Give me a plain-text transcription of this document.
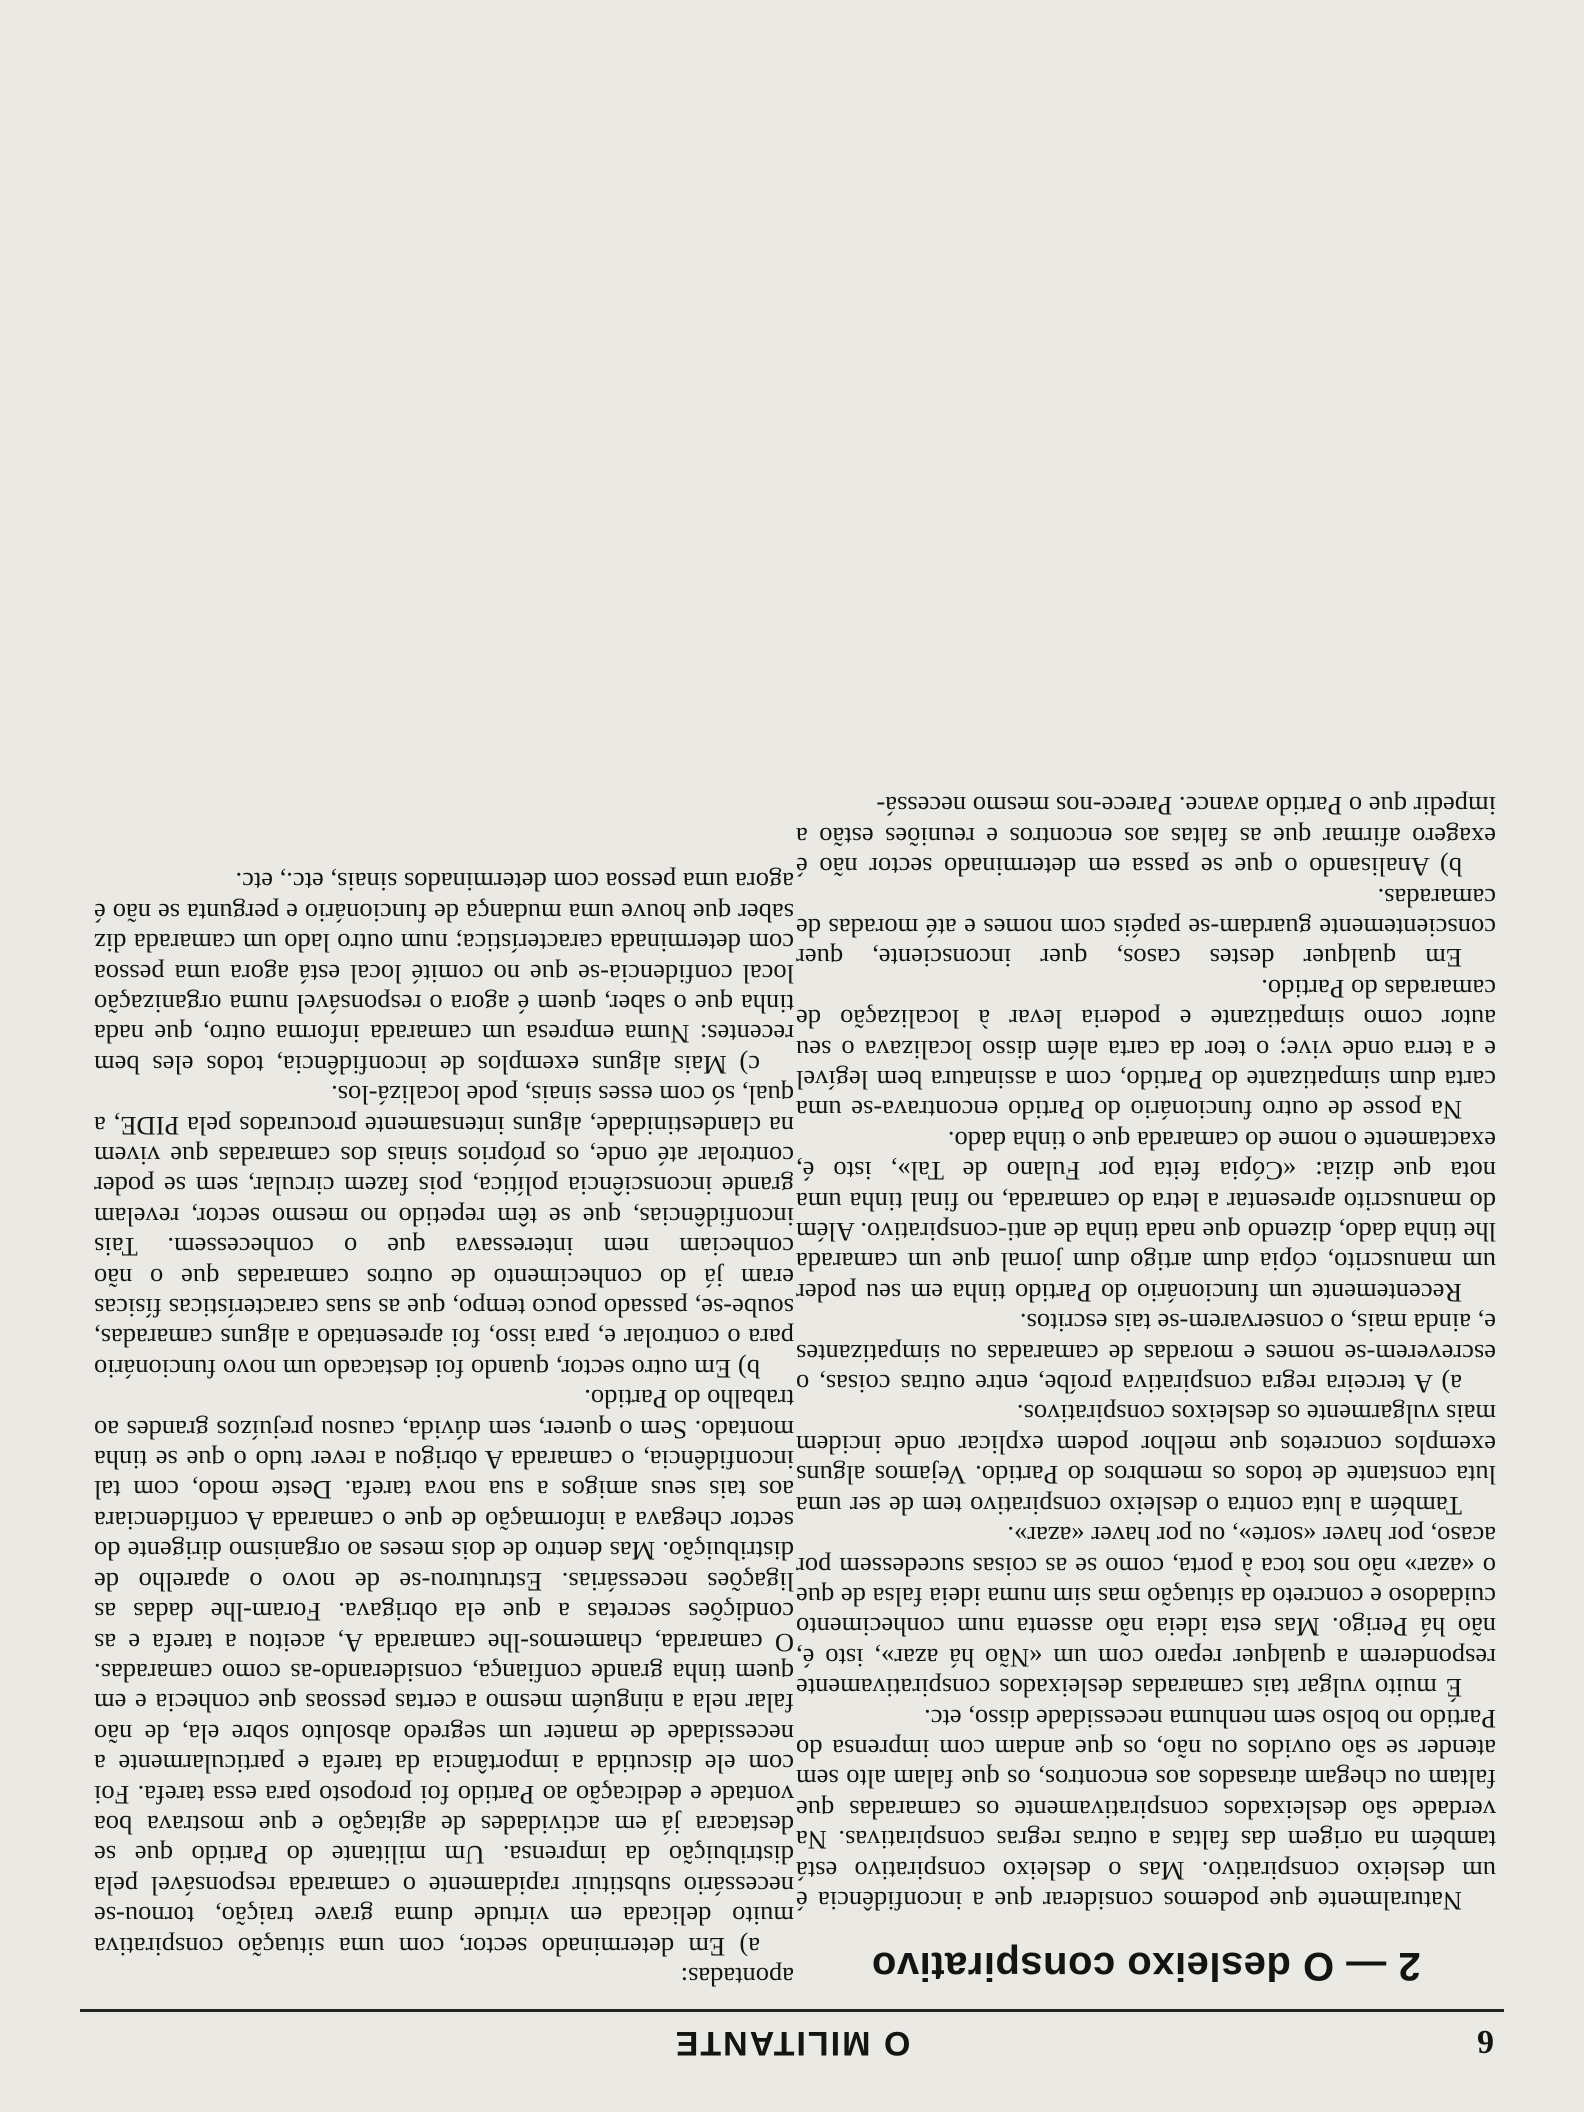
6
O MILITANTE
2 — O desleixo conspirativo

Naturalmente que podemos considerar que a inconfidência é um desleixo conspirativo. Mas o desleixo conspirativo está também na origem das faltas a outras regras conspirativas. Na verdade são desleixados conspirativamente os camaradas que faltam ou chegam atrasados aos encontros, os que falam alto sem atender se são ouvidos ou não, os que andam com imprensa do Partido no bolso sem nenhuma necessidade disso, etc.

É muito vulgar tais camaradas desleixados conspirativamente responderem a qualquer reparo com um «Não há azar», isto é, não há Perigo. Mas esta ideia não assenta num conhecimento cuidadoso e concreto da situação mas sim numa ideia falsa de que o «azar» não nos toca à porta, como se as coisas sucedessem por acaso, por haver «sorte», ou por haver «azar».

Também a luta contra o desleixo conspirativo tem de ser uma luta constante de todos os membros do Partido. Vejamos alguns exemplos concretos que melhor podem explicar onde incidem mais vulgarmente os desleixos conspirativos.

a) A terceira regra conspirativa proíbe, entre outras coisas, o escreverem-se nomes e moradas de camaradas ou simpatizantes e, ainda mais, o conservarem-se tais escritos.

Recentemente um funcionário do Partido tinha em seu poder um manuscrito, cópia dum artigo dum jornal que um camarada lhe tinha dado, dizendo que nada tinha de anti-conspirativo. Além do manuscrito apresentar a letra do camarada, no final tinha uma nota que dizia: «Cópia feita por Fulano de Tal», isto é, exactamente o nome do camarada que o tinha dado.

Na posse de outro funcionário do Partido encontrava-se uma carta dum simpatizante do Partido, com a assinatura bem legível e a terra onde vive; o teor da carta além disso localizava o seu autor como simpatizante e poderia levar à localização de camaradas do Partido.

Em qualquer destes casos, quer inconsciente, quer conscientemente guardam-se papéis com nomes e até moradas de camaradas.

b) Analisando o que se passa em determinado sector não é exagero afirmar que as faltas aos encontros e reuniões estão a impedir que o Partido avance. Parece-nos mesmo necessá-

apontadas:

a) Em determinado sector, com uma situação conspirativa muito delicada em virtude duma grave traição, tornou-se necessário substituir rapidamente o camarada responsável pela distribuição da imprensa. Um militante do Partido que se destacara já em actividades de agitação e que mostrava boa vontade e dedicação ao Partido foi proposto para essa tarefa. Foi com ele discutida a importância da tarefa e particularmente a necessidade de manter um segredo absoluto sobre ela, de não falar nela a ninguém mesmo a certas pessoas que conhecia e em quem tinha grande confiança, considerando-as como camaradas. O camarada, chamemos-lhe camarada A, aceitou a tarefa e as condições secretas a que ela obrigava. Foram-lhe dadas as ligações necessárias. Estruturou-se de novo o aparelho de distribuição. Mas dentro de dois meses ao organismo dirigente do sector chegava a informação de que o camarada A confidenciara aos tais seus amigos a sua nova tarefa. Deste modo, com tal inconfidência, o camarada A obrigou a rever tudo o que se tinha montado. Sem o querer, sem dúvida, causou prejuízos grandes ao trabalho do Partido.

b) Em outro sector, quando foi destacado um novo funcionário para o controlar e, para isso, foi apresentado a alguns camaradas, soube-se, passado pouco tempo, que as suas características físicas eram já do conhecimento de outros camaradas que o não conheciam nem interessava que o conhecessem. Tais inconfidências, que se têm repetido no mesmo sector, revelam grande inconsciência política, pois fazem circular, sem se poder controlar até onde, os próprios sinais dos camaradas que vivem na clandestinidade, alguns intensamente procurados pela PIDE, a qual, só com esses sinais, pode localizá-los.

c) Mais alguns exemplos de inconfidência, todos eles bem recentes: Numa empresa um camarada informa outro, que nada tinha que o saber, quem é agora o responsável numa organização local confidencia-se que no comité local está agora uma pessoa com determinada característica; num outro lado um camarada diz saber que houve uma mudança de funcionário e pergunta se não é agora uma pessoa com determinados sinais, etc., etc.
